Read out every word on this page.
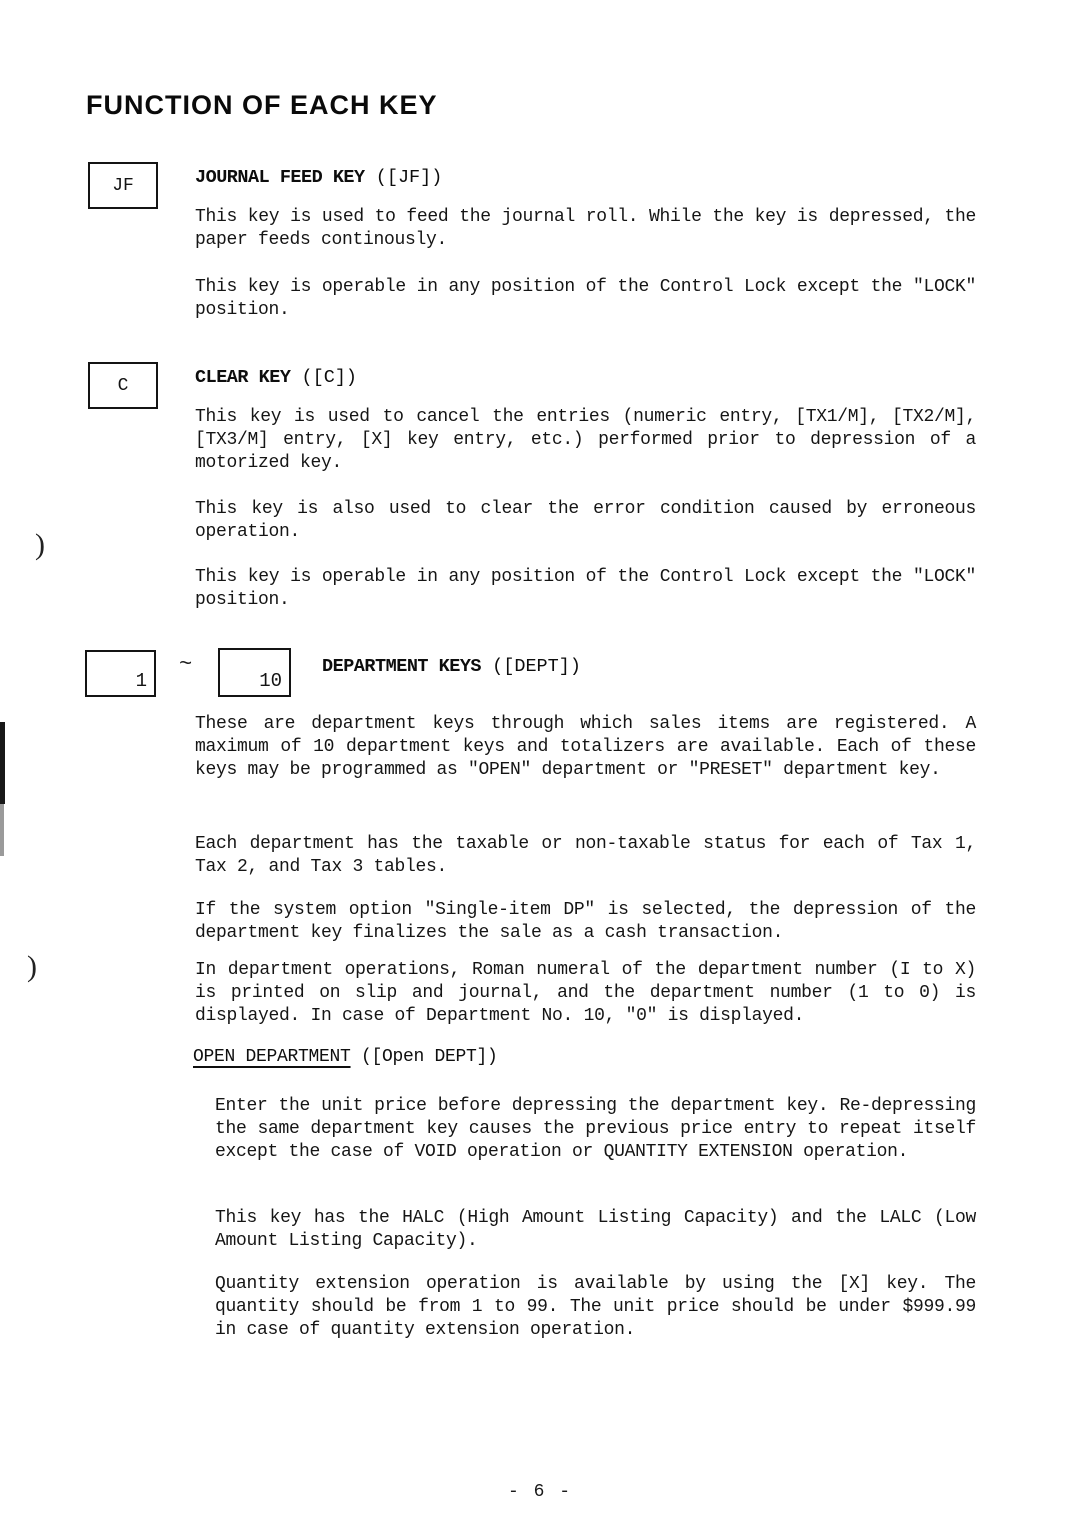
FUNCTION OF EACH KEY
JF	JOURNAL FEED KEY ([JF])
This key is used to feed the journal roll. While the key is depressed, the paper feeds continously.
This key is operable in any position of the Control Lock except the "LOCK" position.
C	CLEAR KEY ([C])
This key is used to cancel the entries (numeric entry, [TX1/M], [TX2/M], [TX3/M] entry, [X] key entry, etc.) performed prior to depression of a motorized key.
This key is also used to clear the error condition caused by erroneous operation.
This key is operable in any position of the Control Lock except the "LOCK" position.
)
)
1
~
10
DEPARTMENT KEYS ([DEPT])
These are department keys through which sales items are registered. A maximum of 10 department keys and totalizers are available. Each of these keys may be programmed as "OPEN" department or "PRESET" department key.
Each department has the taxable or non-taxable status for each of Tax 1, Tax 2, and Tax 3 tables.
If the system option "Single-item DP" is selected, the depression of the department key finalizes the sale as a cash transaction.
In department operations, Roman numeral of the department number (I to X) is printed on slip and journal, and the department number (1 to 0) is displayed. In case of Department No. 10, "0" is displayed.
OPEN DEPARTMENT ([Open DEPT])
Enter the unit price before depressing the department key. Re-depressing the same department key causes the previous price entry to repeat itself except the case of VOID operation or QUANTITY EXTENSION operation.
This key has the HALC (High Amount Listing Capacity) and the LALC (Low Amount Listing Capacity).
Quantity extension operation is available by using the [X] key. The quantity should be from 1 to 99. The unit price should be under $999.99 in case of quantity extension operation.
- 6 -
